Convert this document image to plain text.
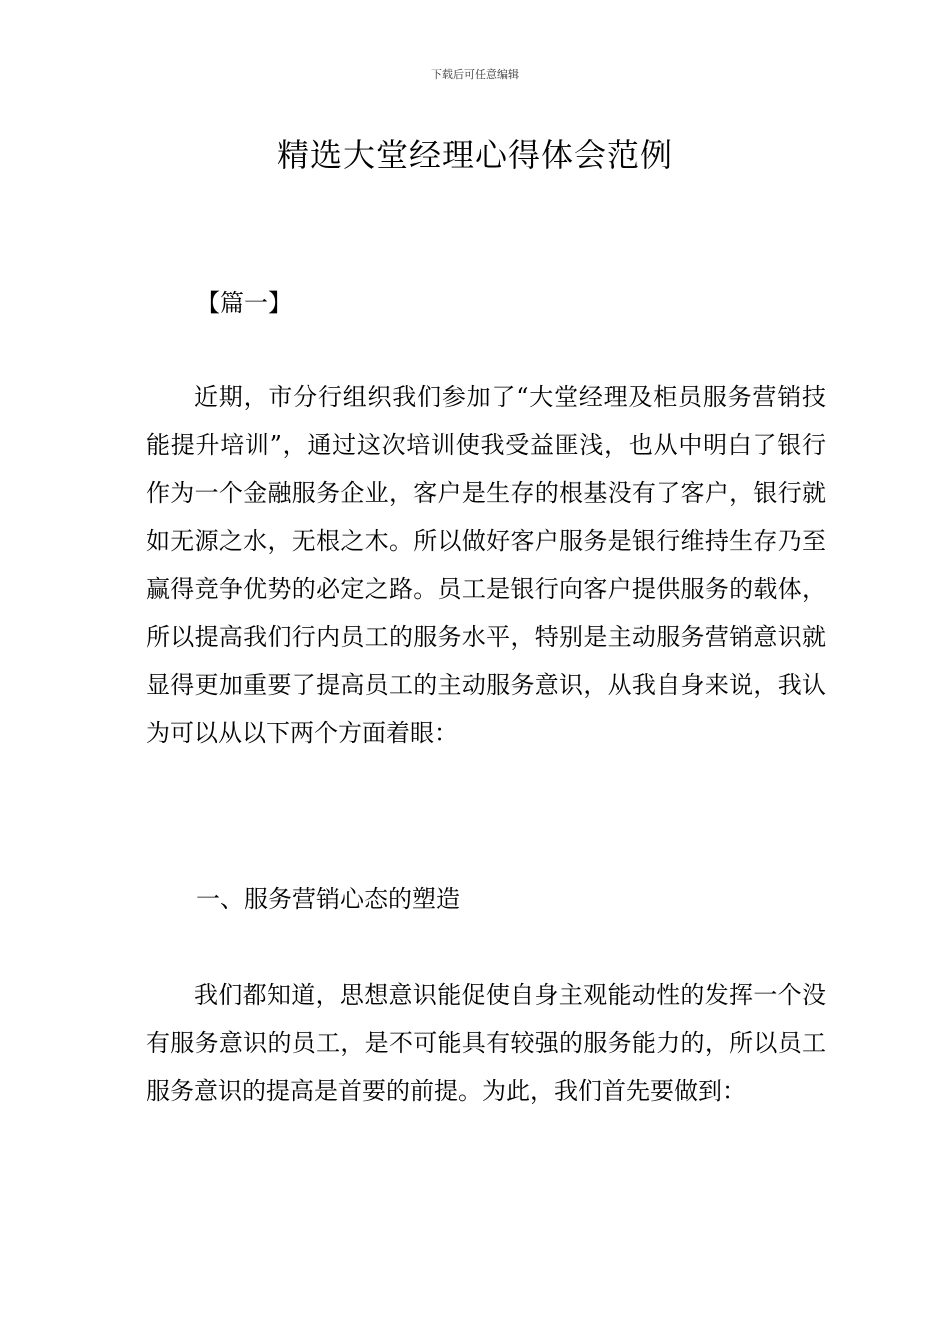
下载后可任意编辑
精选大堂经理心得体会范例
【篇一】

近期，市分行组织我们参加了“大堂经理及柜员服务营销技能提升培训”，通过这次培训使我受益匪浅，也从中明白了银行作为一个金融服务企业，客户是生存的根基没有了客户，银行就如无源之水，无根之木。所以做好客户服务是银行维持生存乃至赢得竞争优势的必定之路。员工是银行向客户提供服务的载体，所以提高我们行内员工的服务水平，特别是主动服务营销意识就显得更加重要了提高员工的主动服务意识，从我自身来说，我认为可以从以下两个方面着眼：

一、服务营销心态的塑造

我们都知道，思想意识能促使自身主观能动性的发挥一个没有服务意识的员工，是不可能具有较强的服务能力的，所以员工服务意识的提高是首要的前提。为此，我们首先要做到：
